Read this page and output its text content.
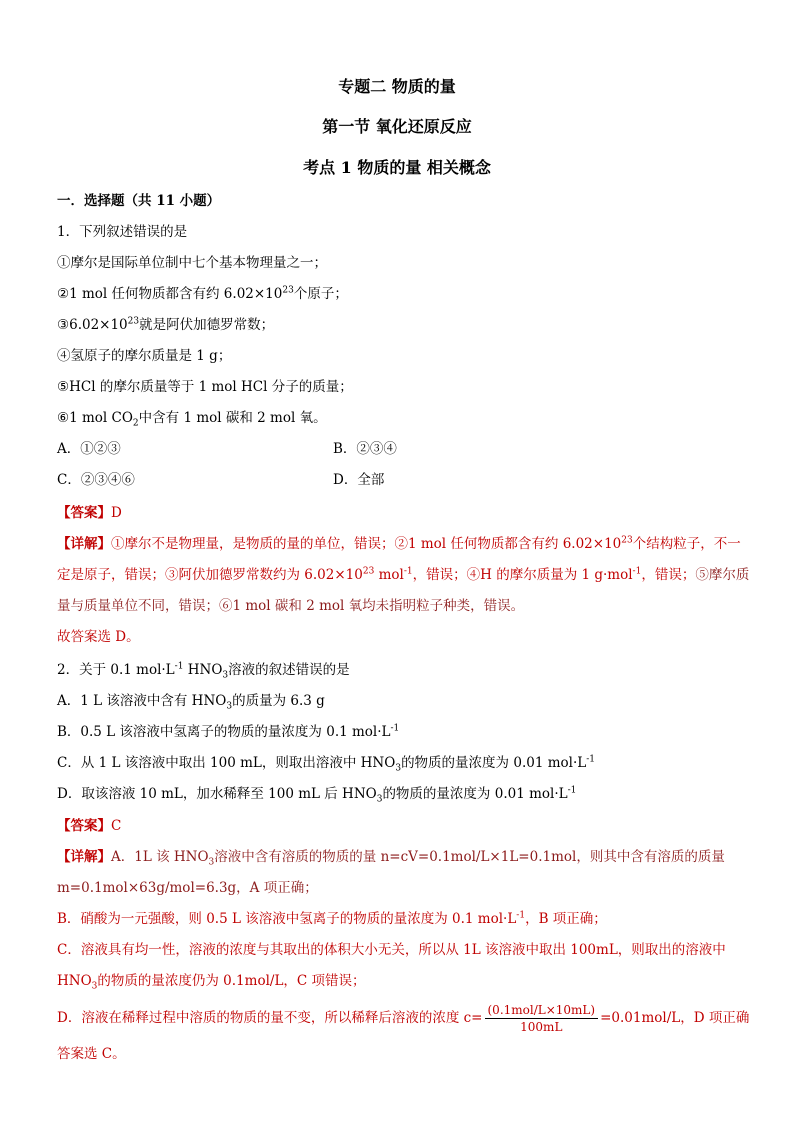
专题二 物质的量
第一节 氧化还原反应
考点 1 物质的量 相关概念
一．选择题（共 11 小题）
1．下列叙述错误的是
①摩尔是国际单位制中七个基本物理量之一；
②1 mol 任何物质都含有约 $6.02\times 10^{23}$个原子；
$③6.02\times 10^{23}$就是阿伏加德罗常数；
④氢原子的摩尔质量是 1 g；
⑤HCl 的摩尔质量等于 1 mol HCl 分子的质量；
⑥1 mol $CO_2$中含有 1 mol 碳和 2 mol 氧。
A．①②③	B．②③④
C．②③④⑥	D．全部
【答案】D
【详解】①摩尔不是物理量，是物质的量的单位，错误；②1 mol 任何物质都含有约 $6.02\times 10^{23}$个结构粒子，不一
定是原子，错误；③阿伏加德罗常数约为 $6.02\times 10^{23}$ mol$^{-1}$，错误；④H 的摩尔质量为 1 g·mol$^{-1}$，错误；⑤摩尔质
量与质量单位不同，错误；⑥1 mol 碳和 2 mol 氧均未指明粒子种类，错误。
故答案选 D。
2．关于 0.1 $mol\cdot L^{-1}$ $HNO_3$溶液的叙述错误的是
A．1 L 该溶液中含有 $HNO_3$的质量为 6.3 g
B．0.5 L 该溶液中氢离子的物质的量浓度为 0.1 $mol\cdot L^{-1}$
C．从 1 L 该溶液中取出 100 mL，则取出溶液中 $HNO_3$的物质的量浓度为 0.01 $mol\cdot L^{-1}$
D．取该溶液 10 mL，加水稀释至 100 mL 后 $HNO_3$的物质的量浓度为 0.01 $mol\cdot L^{-1}$
【答案】C
【详解】A．1L 该 $HNO_3$溶液中含有溶质的物质的量 n=cV=0.1mol/L×1L=0.1mol，则其中含有溶质的质量
m=0.1mol×63g/mol=6.3g，A 项正确；
B．硝酸为一元强酸，则 0.5 L 该溶液中氢离子的物质的量浓度为 0.1 $mol\cdot L^{-1}$，B 项正确；
C．溶液具有均一性，溶液的浓度与其取出的体积大小无关，所以从 1L 该溶液中取出 100mL，则取出的溶液中
$HNO_3$的物质的量浓度仍为 0.1mol/L，C 项错误；
D．溶液在稀释过程中溶质的物质的量不变，所以稀释后溶液的浓度 $c= \frac{\text{(0.1mol/L×10mL)}}{100mL} =0.01mol/L$，D 项正确
答案选 C。
